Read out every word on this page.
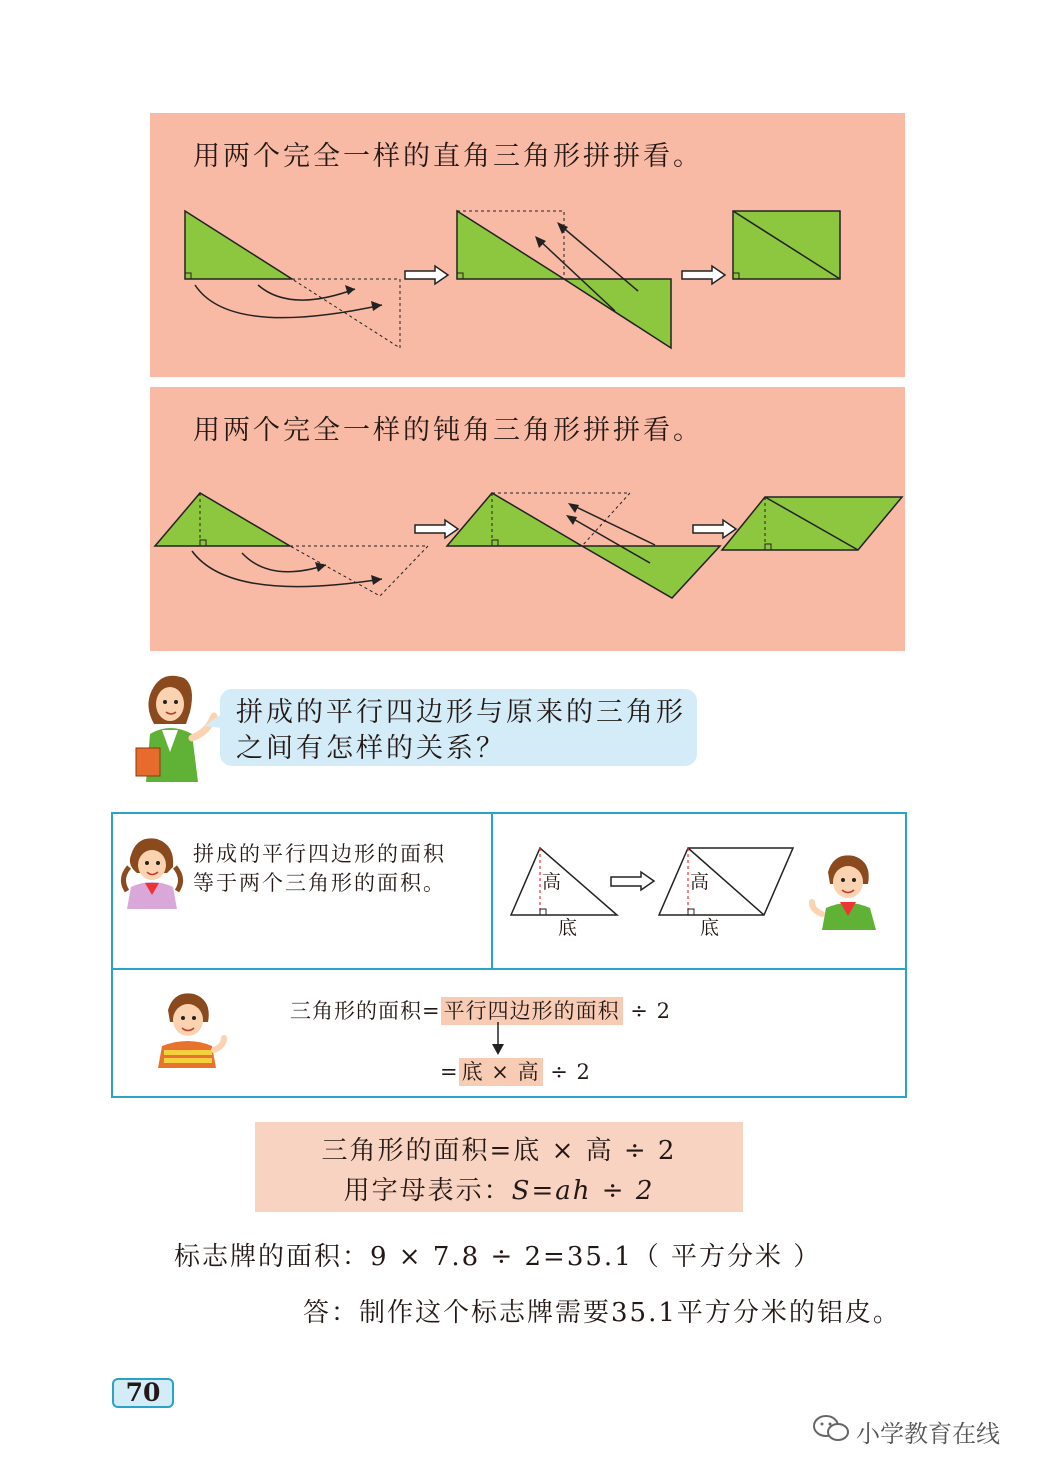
用两个完全一样的直角三角形拼拼看。
用两个完全一样的钝角三角形拼拼看。
拼成的平行四边形与原来的三角形
之间有怎样的关系？
拼成的平行四边形的面积
等于两个三角形的面积。	高
底
高
底
三角形的面积= 平行四边形的面积 ÷ 2
= 底 × 高 ÷ 2
三角形的面积=底 × 高 ÷ 2
用字母表示：S=ah ÷ 2
标志牌的面积：9 × 7.8 ÷ 2=35.1（ 平方分米 ）
答：制作这个标志牌需要35.1平方分米的铝皮。
70
小学教育在线
